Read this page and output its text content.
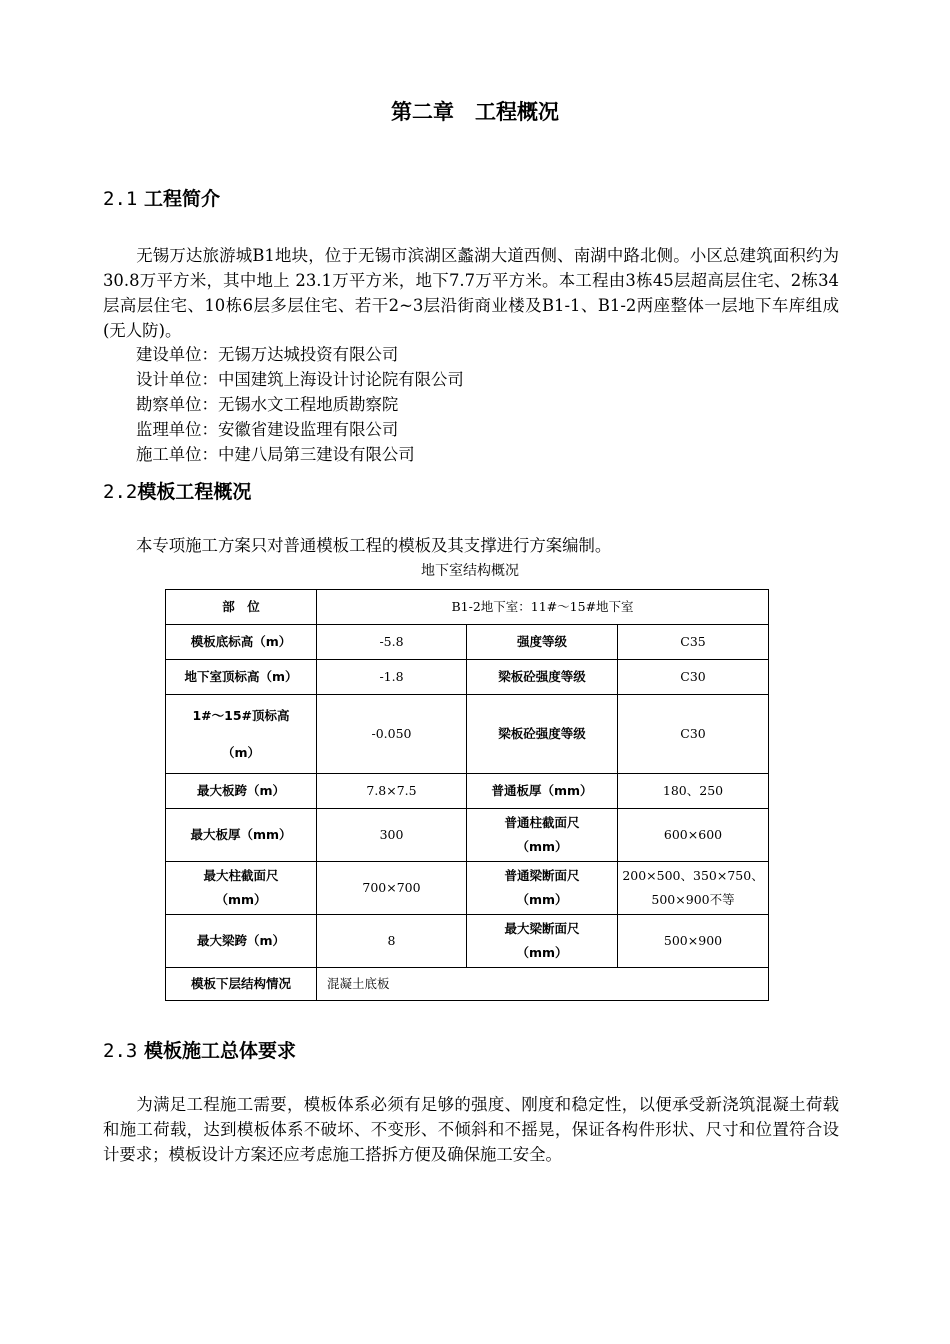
第二章　工程概况
2.1 工程简介
无锡万达旅游城B1地块，位于无锡市滨湖区蠡湖大道西侧、南湖中路北侧。小区总建筑面积约为30.8万平方米，其中地上 23.1万平方米，地下7.7万平方米。本工程由3栋45层超高层住宅、2栋34层高层住宅、10栋6层多层住宅、若干2~3层沿街商业楼及B1-1、B1-2两座整体一层地下车库组成(无人防)。
建设单位：无锡万达城投资有限公司
设计单位：中国建筑上海设计讨论院有限公司
勘察单位：无锡水文工程地质勘察院
监理单位：安徽省建设监理有限公司
施工单位：中建八局第三建设有限公司
2.2模板工程概况
本专项施工方案只对普通模板工程的模板及其支撑进行方案编制。
地下室结构概况
部　位	B1-2地下室：11#～15#地下室		
模板底标高（m）	-5.8	强度等级	C35
地下室顶标高（m）	-1.8	梁板砼强度等级	C30
1#～15#顶标高
（m）	-0.050	梁板砼强度等级	C30
最大板跨（m）	7.8×7.5	普通板厚（mm）	180、250
最大板厚（mm）	300	普通柱截面尺
（mm）	600×600
最大柱截面尺
（mm）	700×700	普通梁断面尺
（mm）	200×500、350×750、
500×900不等
最大梁跨（m）	8	最大梁断面尺
（mm）	500×900
模板下层结构情况	混凝土底板		
2.3 模板施工总体要求
为满足工程施工需要，模板体系必须有足够的强度、刚度和稳定性，以便承受新浇筑混凝土荷载和施工荷载，达到模板体系不破坏、不变形、不倾斜和不摇晃，保证各构件形状、尺寸和位置符合设计要求；模板设计方案还应考虑施工搭拆方便及确保施工安全。
